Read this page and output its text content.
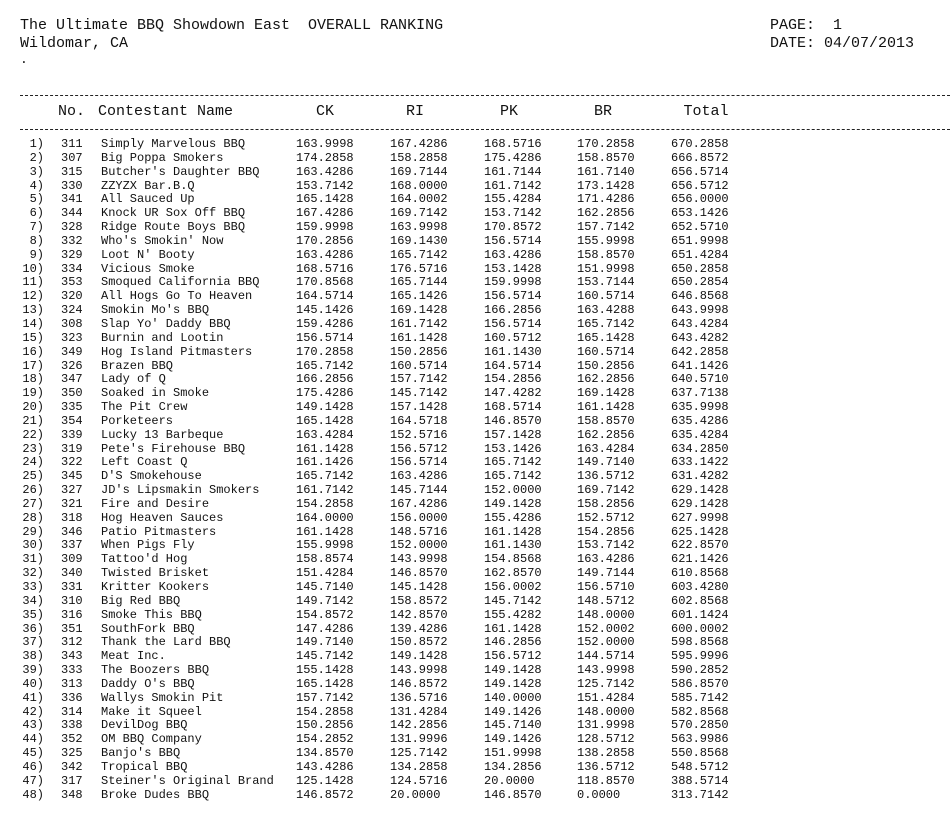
The Ultimate BBQ Showdown East  OVERALL RANKING
Wildomar, CA
.
PAGE:  1
DATE: 04/07/2013
No. Contestant Name	CK	RI	PK	BR	Total
1) 311 Simply Marvelous BBQ	163.9998	167.4286	168.5716	170.2858	670.2858
2) 307 Big Poppa Smokers	174.2858	158.2858	175.4286	158.8570	666.8572
3) 315 Butcher's Daughter BBQ	163.4286	169.7144	161.7144	161.7140	656.5714
4) 330 ZZYZX Bar.B.Q	153.7142	168.0000	161.7142	173.1428	656.5712
5) 341 All Sauced Up	165.1428	164.0002	155.4284	171.4286	656.0000
6) 344 Knock UR Sox Off BBQ	167.4286	169.7142	153.7142	162.2856	653.1426
7) 328 Ridge Route Boys BBQ	159.9998	163.9998	170.8572	157.7142	652.5710
8) 332 Who's Smokin' Now	170.2856	169.1430	156.5714	155.9998	651.9998
9) 329 Loot N' Booty	163.4286	165.7142	163.4286	158.8570	651.4284
10) 334 Vicious Smoke	168.5716	176.5716	153.1428	151.9998	650.2858
11) 353 Smoqued California BBQ	170.8568	165.7144	159.9998	153.7144	650.2854
12) 320 All Hogs Go To Heaven	164.5714	165.1426	156.5714	160.5714	646.8568
13) 324 Smokin Mo's BBQ	145.1426	169.1428	166.2856	163.4288	643.9998
14) 308 Slap Yo' Daddy BBQ	159.4286	161.7142	156.5714	165.7142	643.4284
15) 323 Burnin and Lootin	156.5714	161.1428	160.5712	165.1428	643.4282
16) 349 Hog Island Pitmasters	170.2858	150.2856	161.1430	160.5714	642.2858
17) 326 Brazen BBQ	165.7142	160.5714	164.5714	150.2856	641.1426
18) 347 Lady of Q	166.2856	157.7142	154.2856	162.2856	640.5710
19) 350 Soaked in Smoke	175.4286	145.7142	147.4282	169.1428	637.7138
20) 335 The Pit Crew	149.1428	157.1428	168.5714	161.1428	635.9998
21) 354 Porketeers	165.1428	164.5718	146.8570	158.8570	635.4286
22) 339 Lucky 13 Barbeque	163.4284	152.5716	157.1428	162.2856	635.4284
23) 319 Pete's Firehouse BBQ	161.1428	156.5712	153.1426	163.4284	634.2850
24) 322 Left Coast Q	161.1426	156.5714	165.7142	149.7140	633.1422
25) 345 D'S Smokehouse	165.7142	163.4286	165.7142	136.5712	631.4282
26) 327 JD's Lipsmakin Smokers	161.7142	145.7144	152.0000	169.7142	629.1428
27) 321 Fire and Desire	154.2858	167.4286	149.1428	158.2856	629.1428
28) 318 Hog Heaven Sauces	164.0000	156.0000	155.4286	152.5712	627.9998
29) 346 Patio Pitmasters	161.1428	148.5716	161.1428	154.2856	625.1428
30) 337 When Pigs Fly	155.9998	152.0000	161.1430	153.7142	622.8570
31) 309 Tattoo'd Hog	158.8574	143.9998	154.8568	163.4286	621.1426
32) 340 Twisted Brisket	151.4284	146.8570	162.8570	149.7144	610.8568
33) 331 Kritter Kookers	145.7140	145.1428	156.0002	156.5710	603.4280
34) 310 Big Red BBQ	149.7142	158.8572	145.7142	148.5712	602.8568
35) 316 Smoke This BBQ	154.8572	142.8570	155.4282	148.0000	601.1424
36) 351 SouthFork BBQ	147.4286	139.4286	161.1428	152.0002	600.0002
37) 312 Thank the Lard BBQ	149.7140	150.8572	146.2856	152.0000	598.8568
38) 343 Meat Inc.	145.7142	149.1428	156.5712	144.5714	595.9996
39) 333 The Boozers BBQ	155.1428	143.9998	149.1428	143.9998	590.2852
40) 313 Daddy O's BBQ	165.1428	146.8572	149.1428	125.7142	586.8570
41) 336 Wallys Smokin Pit	157.7142	136.5716	140.0000	151.4284	585.7142
42) 314 Make it Squeel	154.2858	131.4284	149.1426	148.0000	582.8568
43) 338 DevilDog BBQ	150.2856	142.2856	145.7140	131.9998	570.2850
44) 352 OM BBQ Company	154.2852	131.9996	149.1426	128.5712	563.9986
45) 325 Banjo's BBQ	134.8570	125.7142	151.9998	138.2858	550.8568
46) 342 Tropical BBQ	143.4286	134.2858	134.2856	136.5712	548.5712
47) 317 Steiner's Original Brand 125.1428	124.5716	20.0000	118.8570	388.5714
48) 348 Broke Dudes BBQ	146.8572	20.0000	146.8570	0.0000	313.7142
